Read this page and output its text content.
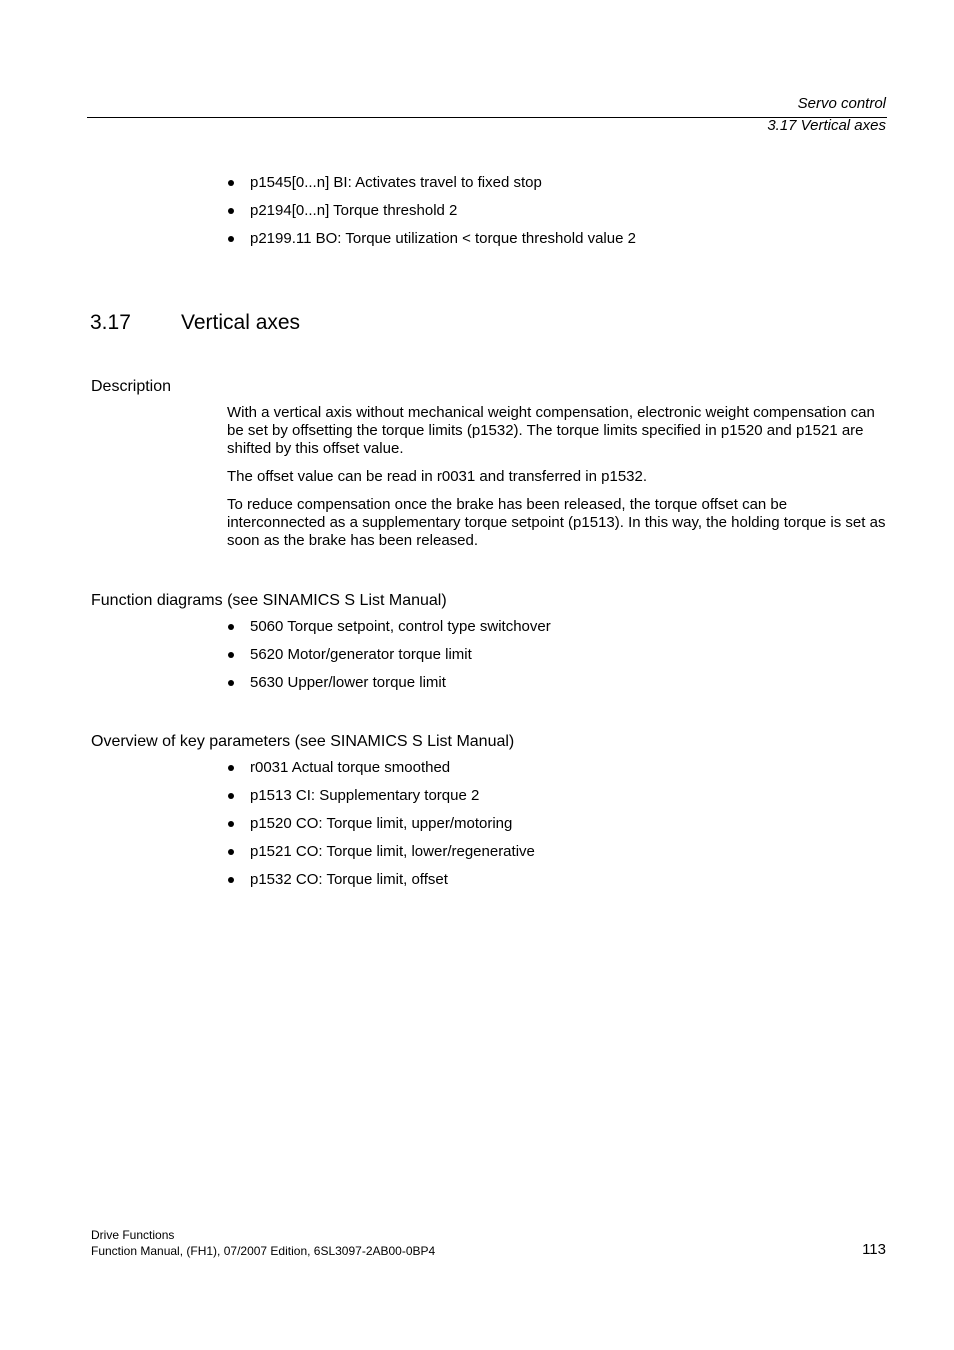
Servo control
3.17 Vertical axes
p1545[0...n] BI: Activates travel to fixed stop
p2194[0...n] Torque threshold 2
p2199.11 BO: Torque utilization < torque threshold value 2
3.17 Vertical axes
Description

With a vertical axis without mechanical weight compensation, electronic weight compensation can be set by offsetting the torque limits (p1532). The torque limits specified in p1520 and p1521 are shifted by this offset value.

The offset value can be read in r0031 and transferred in p1532.

To reduce compensation once the brake has been released, the torque offset can be interconnected as a supplementary torque setpoint (p1513). In this way, the holding torque is set as soon as the brake has been released.

Function diagrams (see SINAMICS S List Manual)
5060 Torque setpoint, control type switchover
5620 Motor/generator torque limit
5630 Upper/lower torque limit
Overview of key parameters (see SINAMICS S List Manual)
r0031 Actual torque smoothed
p1513 CI: Supplementary torque 2
p1520 CO: Torque limit, upper/motoring
p1521 CO: Torque limit, lower/regenerative
p1532 CO: Torque limit, offset
Drive Functions
Function Manual, (FH1), 07/2007 Edition, 6SL3097-2AB00-0BP4	113
